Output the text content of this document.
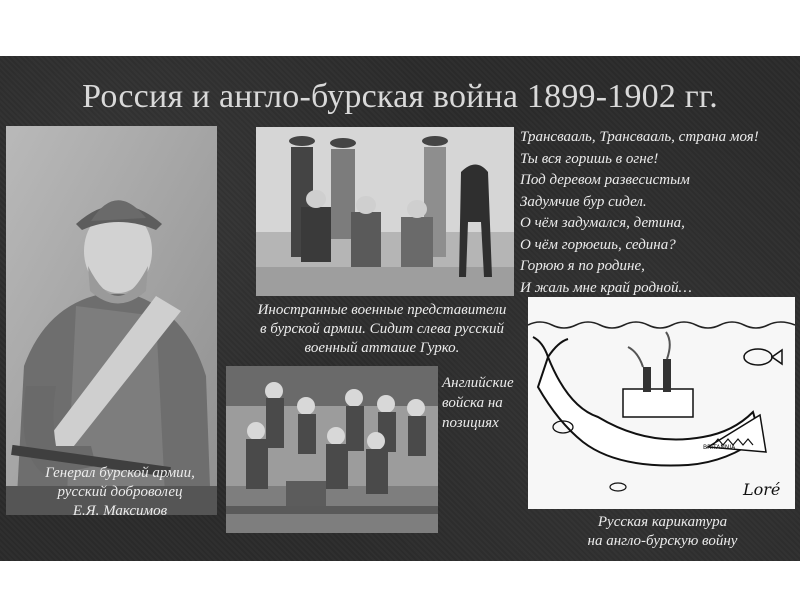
Россия и англо-бурская война 1899-1902 гг.
Генерал бурской армии,
русский доброволец
Е.Я. Максимов
Иностранные военные представители
в бурской армии. Сидит слева русский
военный атташе Гурко.
Трансвааль, Трансвааль, страна моя!
Ты вся горишь в огне!
Под деревом развесистым
Задумчив бур сидел.
О чём задумался, детина,
О чём горюешь, седина?
Горюю я по родине,
И жаль мне край родной…
Английские
войска на
позициях
BRITANNIA
Loré
Русская карикатура
на англо-бурскую войну
